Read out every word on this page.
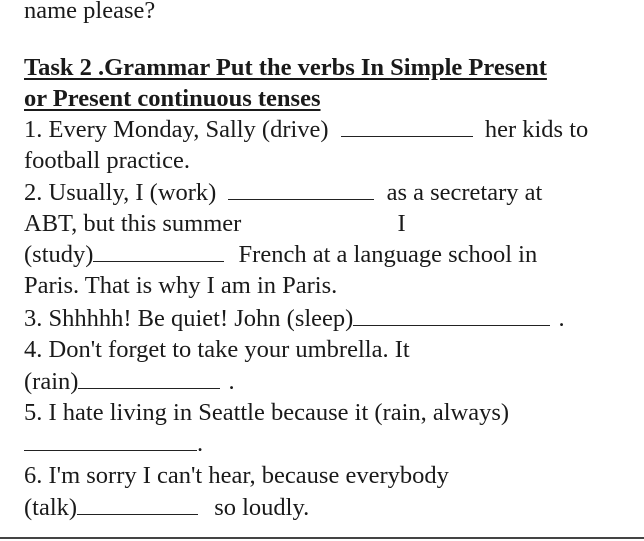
name please?
Task 2 .Grammar Put the verbs In Simple Present
or Present continuous tenses
1. Every Monday, Sally (drive)	her kids to
football practice.
2. Usually, I (work)	as a secretary at
ABT, but this summer	I
(study)	French at a language school in
Paris. That is why I am in Paris.
3. Shhhhh! Be quiet! John (sleep)	.
4. Don't forget to take your umbrella. It
(rain)	.
5. I hate living in Seattle because it (rain, always)
.
6. I'm sorry I can't hear, because everybody
(talk)	so loudly.
